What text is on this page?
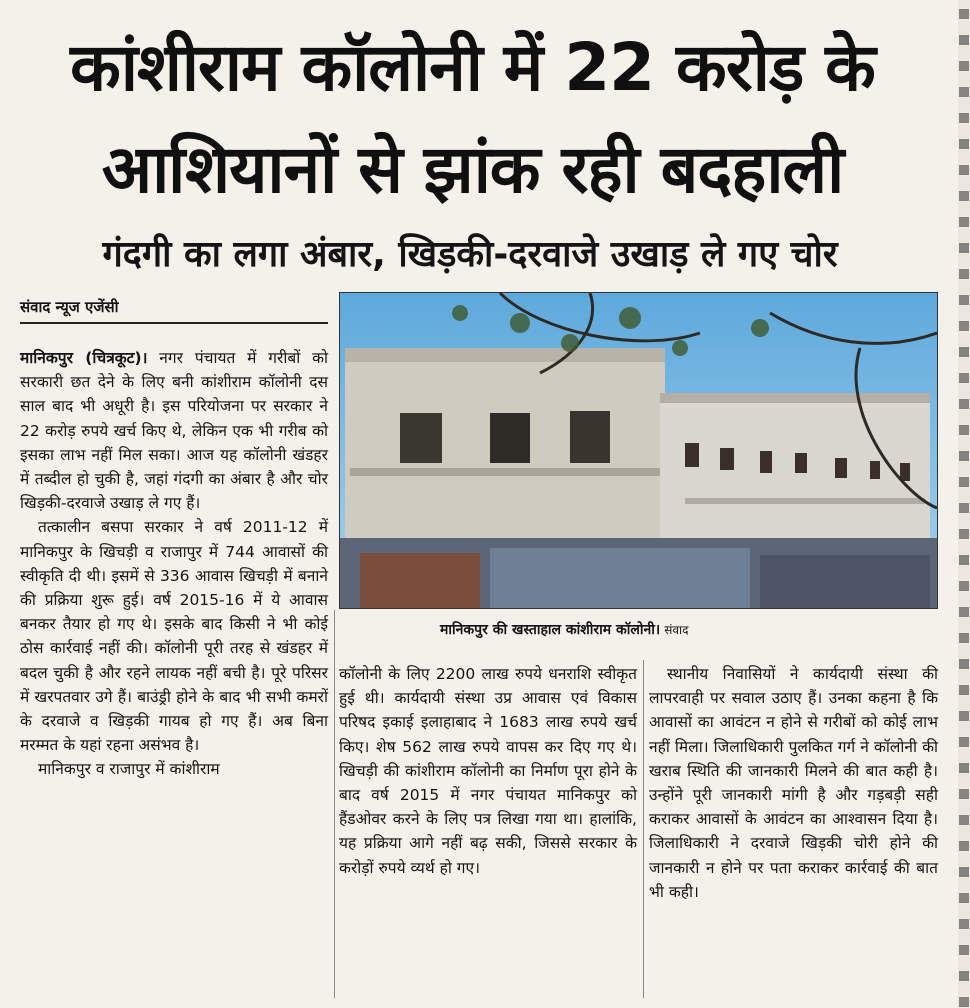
कांशीराम कॉलोनी में 22 करोड़ के
आशियानों से झांक रही बदहाली
गंदगी का लगा अंबार, खिड़की-दरवाजे उखाड़ ले गए चोर
संवाद न्यूज एजेंसी

मानिकपुर (चित्रकूट)। नगर पंचायत में गरीबों को सरकारी छत देने के लिए बनी कांशीराम कॉलोनी दस साल बाद भी अधूरी है। इस परियोजना पर सरकार ने 22 करोड़ रुपये खर्च किए थे, लेकिन एक भी गरीब को इसका लाभ नहीं मिल सका। आज यह कॉलोनी खंडहर में तब्दील हो चुकी है, जहां गंदगी का अंबार है और चोर खिड़की-दरवाजे उखाड़ ले गए हैं।

तत्कालीन बसपा सरकार ने वर्ष 2011-12 में मानिकपुर के खिचड़ी व राजापुर में 744 आवासों की स्वीकृति दी थी। इसमें से 336 आवास खिचड़ी में बनाने की प्रक्रिया शुरू हुई। वर्ष 2015-16 में ये आवास बनकर तैयार हो गए थे। इसके बाद किसी ने भी कोई ठोस कार्रवाई नहीं की। कॉलोनी पूरी तरह से खंडहर में बदल चुकी है और रहने लायक नहीं बची है। पूरे परिसर में खरपतवार उगे हैं। बाउंड्री होने के बाद भी सभी कमरों के दरवाजे व खिड़की गायब हो गए हैं। अब बिना मरम्मत के यहां रहना असंभव है।

मानिकपुर व राजापुर में कांशीराम

मानिकपुर की खस्ताहाल कांशीराम कॉलोनी। संवाद

कॉलोनी के लिए 2200 लाख रुपये धनराशि स्वीकृत हुई थी। कार्यदायी संस्था उप्र आवास एवं विकास परिषद इकाई इलाहाबाद ने 1683 लाख रुपये खर्च किए। शेष 562 लाख रुपये वापस कर दिए गए थे। खिचड़ी की कांशीराम कॉलोनी का निर्माण पूरा होने के बाद वर्ष 2015 में नगर पंचायत मानिकपुर को हैंडओवर करने के लिए पत्र लिखा गया था। हालांकि, यह प्रक्रिया आगे नहीं बढ़ सकी, जिससे सरकार के करोड़ों रुपये व्यर्थ हो गए।

स्थानीय निवासियों ने कार्यदायी संस्था की लापरवाही पर सवाल उठाए हैं। उनका कहना है कि आवासों का आवंटन न होने से गरीबों को कोई लाभ नहीं मिला। जिलाधिकारी पुलकित गर्ग ने कॉलोनी की खराब स्थिति की जानकारी मिलने की बात कही है। उन्होंने पूरी जानकारी मांगी है और गड़बड़ी सही कराकर आवासों के आवंटन का आश्वासन दिया है। जिलाधिकारी ने दरवाजे खिड़की चोरी होने की जानकारी न होने पर पता कराकर कार्रवाई की बात भी कही।
